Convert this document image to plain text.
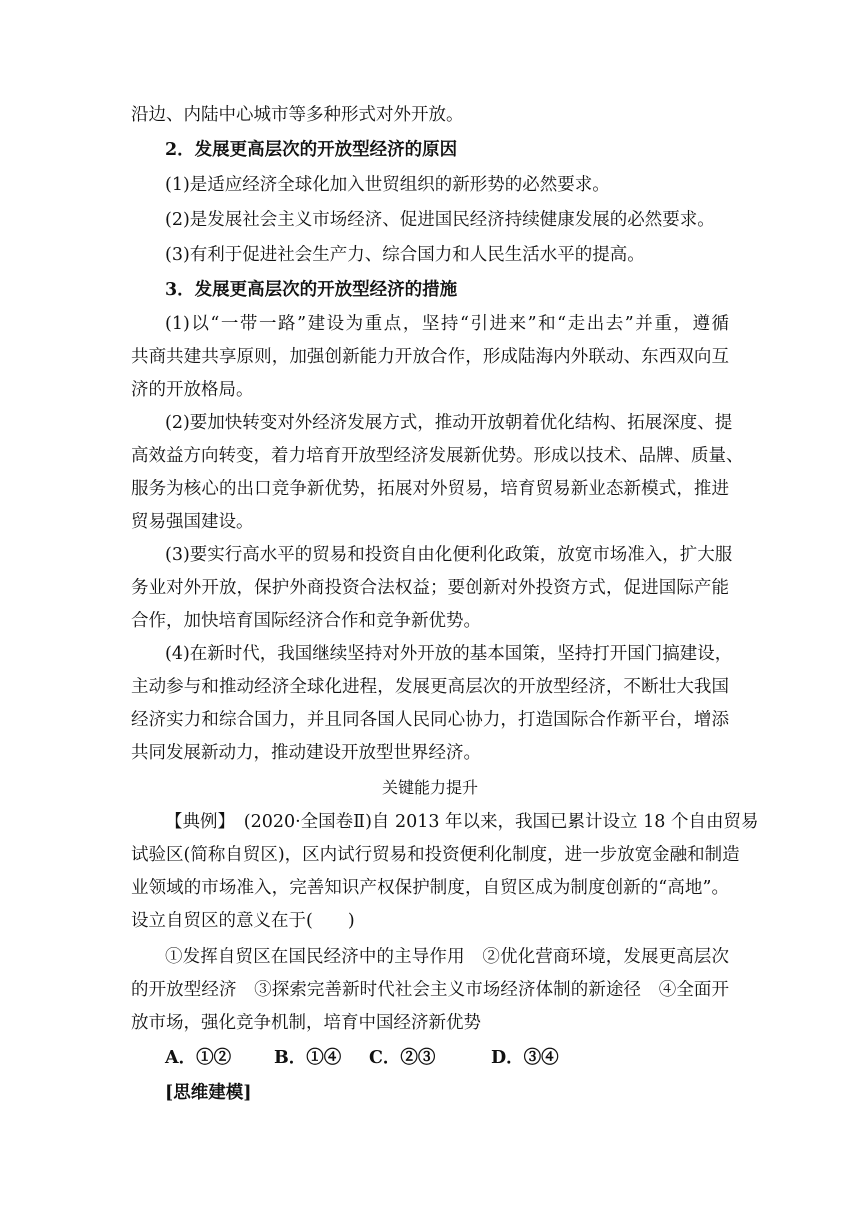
沿边、内陆中心城市等多种形式对外开放。
2．发展更高层次的开放型经济的原因
(1)是适应经济全球化加入世贸组织的新形势的必然要求。
(2)是发展社会主义市场经济、促进国民经济持续健康发展的必然要求。
(3)有利于促进社会生产力、综合国力和人民生活水平的提高。
3．发展更高层次的开放型经济的措施
(1)以“一带一路”建设为重点，坚持“引进来”和“走出去”并重，遵循
共商共建共享原则，加强创新能力开放合作，形成陆海内外联动、东西双向互
济的开放格局。
(2)要加快转变对外经济发展方式，推动开放朝着优化结构、拓展深度、提
高效益方向转变，着力培育开放型经济发展新优势。形成以技术、品牌、质量、
服务为核心的出口竞争新优势，拓展对外贸易，培育贸易新业态新模式，推进
贸易强国建设。
(3)要实行高水平的贸易和投资自由化便利化政策，放宽市场准入，扩大服
务业对外开放，保护外商投资合法权益；要创新对外投资方式，促进国际产能
合作，加快培育国际经济合作和竞争新优势。
(4)在新时代，我国继续坚持对外开放的基本国策，坚持打开国门搞建设，
主动参与和推动经济全球化进程，发展更高层次的开放型经济，不断壮大我国
经济实力和综合国力，并且同各国人民同心协力，打造国际合作新平台，增添
共同发展新动力，推动建设开放型世界经济。
关键能力提升
【典例】　(2020·全国卷Ⅱ)自 2013 年以来，我国已累计设立 18 个自由贸易
试验区(简称自贸区)，区内试行贸易和投资便利化制度，进一步放宽金融和制造
业领域的市场准入，完善知识产权保护制度，自贸区成为制度创新的“高地”。
设立自贸区的意义在于(　　)
①发挥自贸区在国民经济中的主导作用　②优化营商环境，发展更高层次
的开放型经济　③探索完善新时代社会主义市场经济体制的新途径　④全面开
放市场，强化竞争机制，培育中国经济新优势
A．①② B．①④ C．②③	D．③④
[思维建模]
